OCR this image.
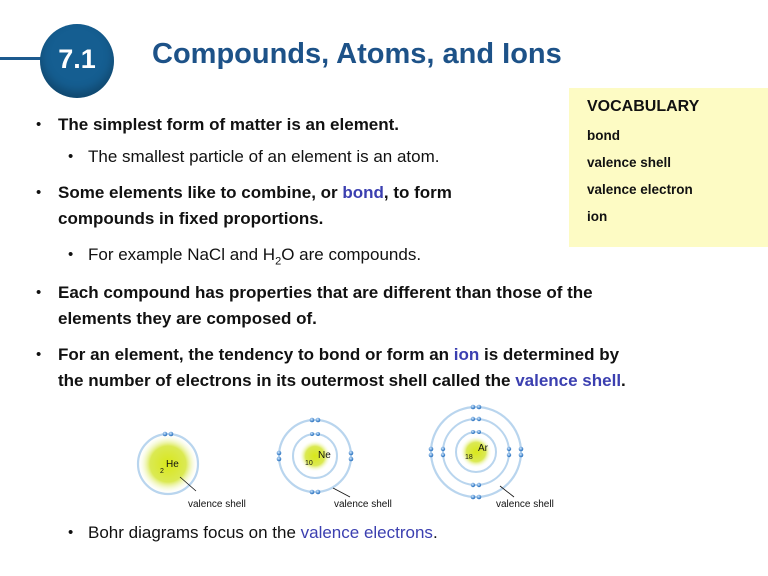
7.1	Compounds, Atoms, and Ions
VOCABULARY
bond
valence shell
valence electron
ion
• The simplest form of matter is an element.
• The smallest particle of an element is an atom.
• Some elements like to combine, or bond, to form
compounds in fixed proportions.
• For example NaCl and $H_2O$ are compounds.
• Each compound has properties that are different than those of the
elements they are composed of.
• For an element, the tendency to bond or form an ion is determined by
the number of electrons in its outermost shell called the valence shell.
He
2
valence shell
Ne
10
valence shell
Ar
18
valence shell
• Bohr diagrams focus on the valence electrons.
